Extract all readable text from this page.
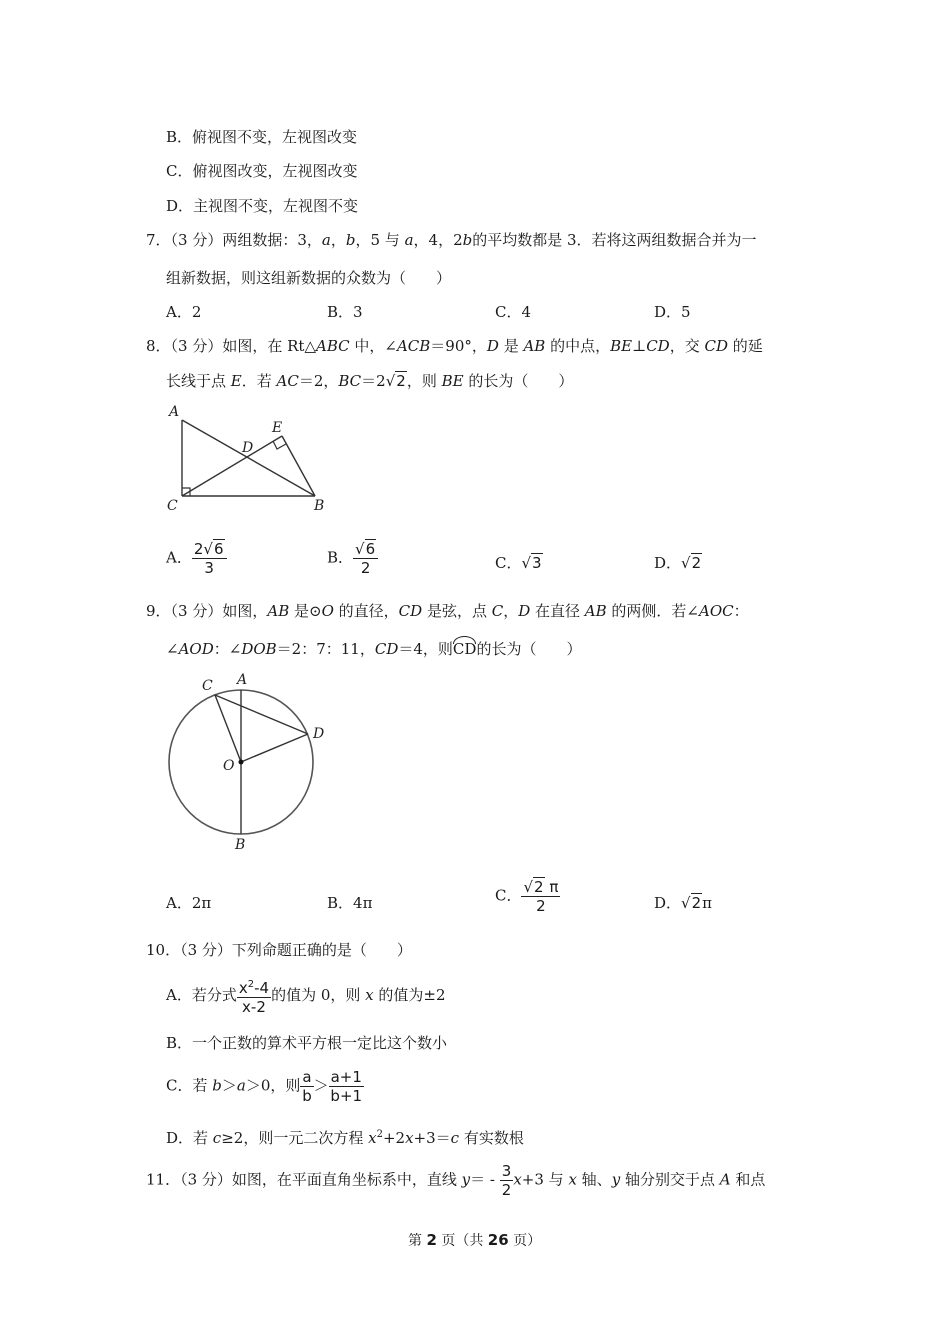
B．俯视图不变，左视图改变
C．俯视图改变，左视图改变
D．主视图不变，左视图不变
7．（3 分）两组数据：3，a，b，5 与 a，4，2b的平均数都是 3．若将这两组数据合并为一
组新数据，则这组新数据的众数为（　　）
A．2	B．3	C．4	D．5
8．（3 分）如图，在 Rt△ABC 中，∠ACB＝90°，D 是 AB 的中点，BE⊥CD，交 CD 的延
长线于点 E．若 AC＝2，BC＝2√2，则 BE 的长为（　　）
A
E
D
C	B
A． $\frac{2√6}{3}$	B． $\frac{√6}{2}$	C．√3	D．√2
9．（3 分）如图，AB 是⊙O 的直径，CD 是弦，点 C，D 在直径 AB 的两侧．若∠AOC：
∠AOD：∠DOB＝2：7：11，CD＝4，则CD的长为（　　）
C A
D
O
B
A．2π	B．4π	C． $\frac{√2 \pi}{2}$	D．√2π
10．（3 分）下列命题正确的是（　　）
A．若分式 $\frac{x^2-4}{x-2}$ 的值为 0，则 x 的值为±2
B．一个正数的算术平方根一定比这个数小
C．若 b＞a＞0，则 $\frac{a}{b} > \frac{a+1}{b+1}$
D．若 c≥2，则一元二次方程 $x^2+2x+3=c$ 有实数根
11．（3 分）如图，在平面直角坐标系中，直线 $y= - \frac{3}{2} x+3$ 与 x 轴、y 轴分别交于点 A 和点
第 2 页（共 26 页）
